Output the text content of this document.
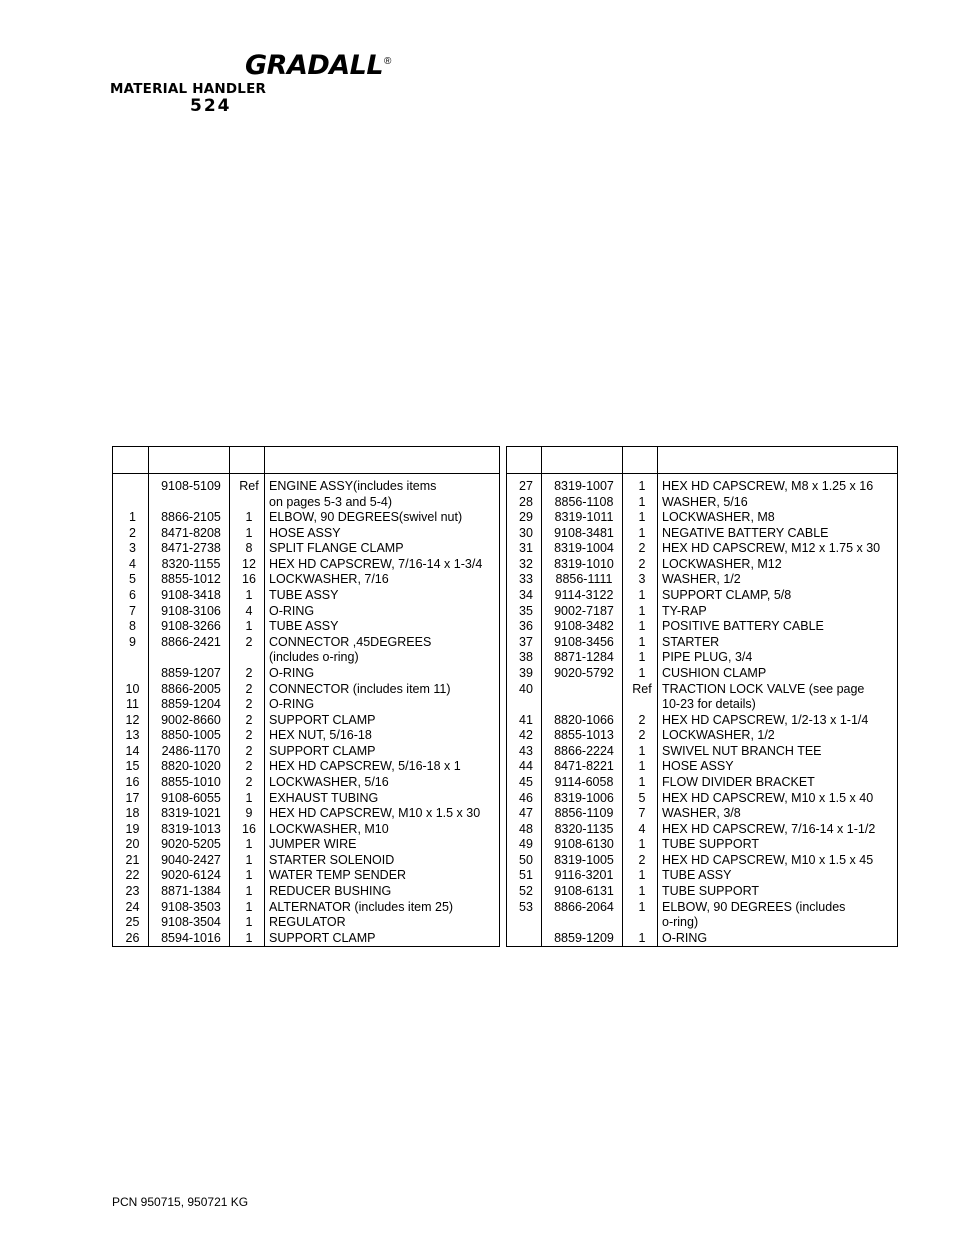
GRADALL ®
MATERIAL HANDLER
524

	9108-5109	Ref	ENGINE ASSY(includes items
			on pages 5-3 and 5-4)
1	8866-2105	1	ELBOW, 90 DEGREES(swivel nut)
2	8471-8208	1	HOSE ASSY
3	8471-2738	8	SPLIT FLANGE CLAMP
4	8320-1155	12	HEX HD CAPSCREW, 7/16-14 x 1-3/4
5	8855-1012	16	LOCKWASHER, 7/16
6	9108-3418	1	TUBE ASSY
7	9108-3106	4	O-RING
8	9108-3266	1	TUBE ASSY
9	8866-2421	2	CONNECTOR ,45DEGREES
			(includes o-ring)
	8859-1207	2	O-RING
10	8866-2005	2	CONNECTOR (includes item 11)
11	8859-1204	2	O-RING
12	9002-8660	2	SUPPORT CLAMP
13	8850-1005	2	HEX NUT, 5/16-18
14	2486-1170	2	SUPPORT CLAMP
15	8820-1020	2	HEX HD CAPSCREW, 5/16-18 x 1
16	8855-1010	2	LOCKWASHER, 5/16
17	9108-6055	1	EXHAUST TUBING
18	8319-1021	9	HEX HD CAPSCREW, M10 x 1.5 x 30
19	8319-1013	16	LOCKWASHER, M10
20	9020-5205	1	JUMPER WIRE
21	9040-2427	1	STARTER SOLENOID
22	9020-6124	1	WATER TEMP SENDER
23	8871-1384	1	REDUCER BUSHING
24	9108-3503	1	ALTERNATOR (includes item 25)
25	9108-3504	1	REGULATOR
26	8594-1016	1	SUPPORT CLAMP

27	8319-1007	1	HEX HD CAPSCREW, M8 x 1.25 x 16
28	8856-1108	1	WASHER, 5/16
29	8319-1011	1	LOCKWASHER, M8
30	9108-3481	1	NEGATIVE BATTERY CABLE
31	8319-1004	2	HEX HD CAPSCREW, M12 x 1.75 x 30
32	8319-1010	2	LOCKWASHER, M12
33	8856-1111	3	WASHER, 1/2
34	9114-3122	1	SUPPORT CLAMP, 5/8
35	9002-7187	1	TY-RAP
36	9108-3482	1	POSITIVE BATTERY CABLE
37	9108-3456	1	STARTER
38	8871-1284	1	PIPE PLUG, 3/4
39	9020-5792	1	CUSHION CLAMP
40		Ref	TRACTION LOCK VALVE (see page
			10-23 for details)
41	8820-1066	2	HEX HD CAPSCREW, 1/2-13 x 1-1/4
42	8855-1013	2	LOCKWASHER, 1/2
43	8866-2224	1	SWIVEL NUT BRANCH TEE
44	8471-8221	1	HOSE ASSY
45	9114-6058	1	FLOW DIVIDER BRACKET
46	8319-1006	5	HEX HD CAPSCREW, M10 x 1.5 x 40
47	8856-1109	7	WASHER, 3/8
48	8320-1135	4	HEX HD CAPSCREW, 7/16-14 x 1-1/2
49	9108-6130	1	TUBE SUPPORT
50	8319-1005	2	HEX HD CAPSCREW, M10 x 1.5 x 45
51	9116-3201	1	TUBE ASSY
52	9108-6131	1	TUBE SUPPORT
53	8866-2064	1	ELBOW, 90 DEGREES (includes
			o-ring)
	8859-1209	1	O-RING
PCN 950715, 950721 KG
